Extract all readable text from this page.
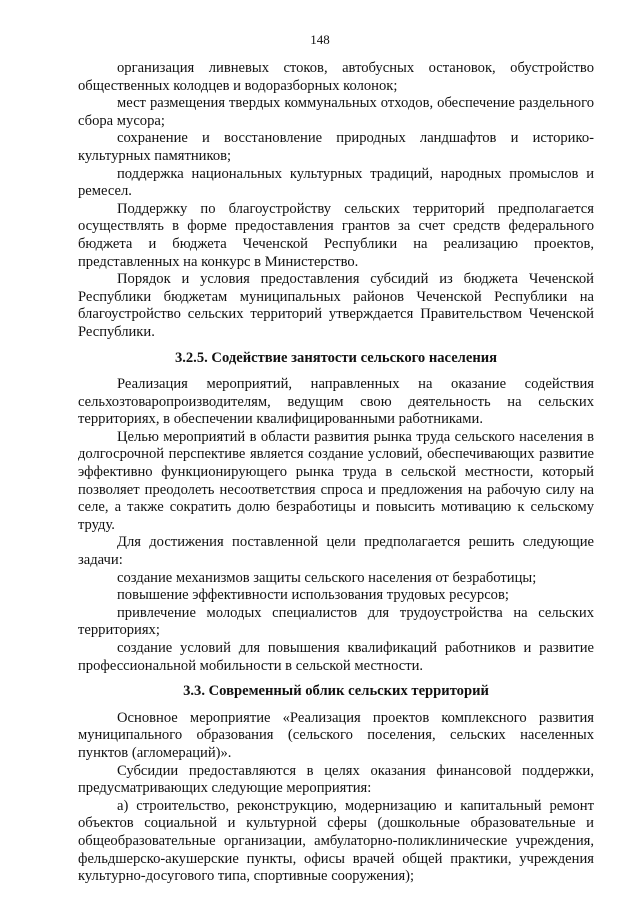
148

организация ливневых стоков, автобусных остановок, обустройство общественных колодцев и водоразборных колонок;

мест размещения твердых коммунальных отходов, обеспечение раздельного сбора мусора;

сохранение и восстановление природных ландшафтов и историко-культурных памятников;

поддержка национальных культурных традиций, народных промыслов и ремесел.

Поддержку по благоустройству сельских территорий предполагается осуществлять в форме предоставления грантов за счет средств федерального бюджета и бюджета Чеченской Республики на реализацию проектов, представленных на конкурс в Министерство.

Порядок и условия предоставления субсидий из бюджета Чеченской Республики бюджетам муниципальных районов Чеченской Республики на благоустройство сельских территорий утверждается Правительством Чеченской Республики.

3.2.5. Содействие занятости сельского населения

Реализация мероприятий, направленных на оказание содействия сельхозтоваропроизводителям, ведущим свою деятельность на сельских территориях, в обеспечении квалифицированными работниками.

Целью мероприятий в области развития рынка труда сельского населения в долгосрочной перспективе является создание условий, обеспечивающих развитие эффективно функционирующего рынка труда в сельской местности, который позволяет преодолеть несоответствия спроса и предложения на рабочую силу на селе, а также сократить долю безработицы и повысить мотивацию к сельскому труду.

Для достижения поставленной цели предполагается решить следующие задачи:

создание механизмов защиты сельского населения от безработицы;

повышение эффективности использования трудовых ресурсов;

привлечение молодых специалистов для трудоустройства на сельских территориях;

создание условий для повышения квалификаций работников и развитие профессиональной мобильности в сельской местности.

3.3. Современный облик сельских территорий

Основное мероприятие «Реализация проектов комплексного развития муниципального образования (сельского поселения, сельских населенных пунктов (агломераций)».

Субсидии предоставляются в целях оказания финансовой поддержки, предусматривающих следующие мероприятия:

а) строительство, реконструкцию, модернизацию и капитальный ремонт объектов социальной и культурной сферы (дошкольные образовательные и общеобразовательные организации, амбулаторно-поликлинические учреждения, фельдшерско-акушерские пункты, офисы врачей общей практики, учреждения культурно-досугового типа, спортивные сооружения);
